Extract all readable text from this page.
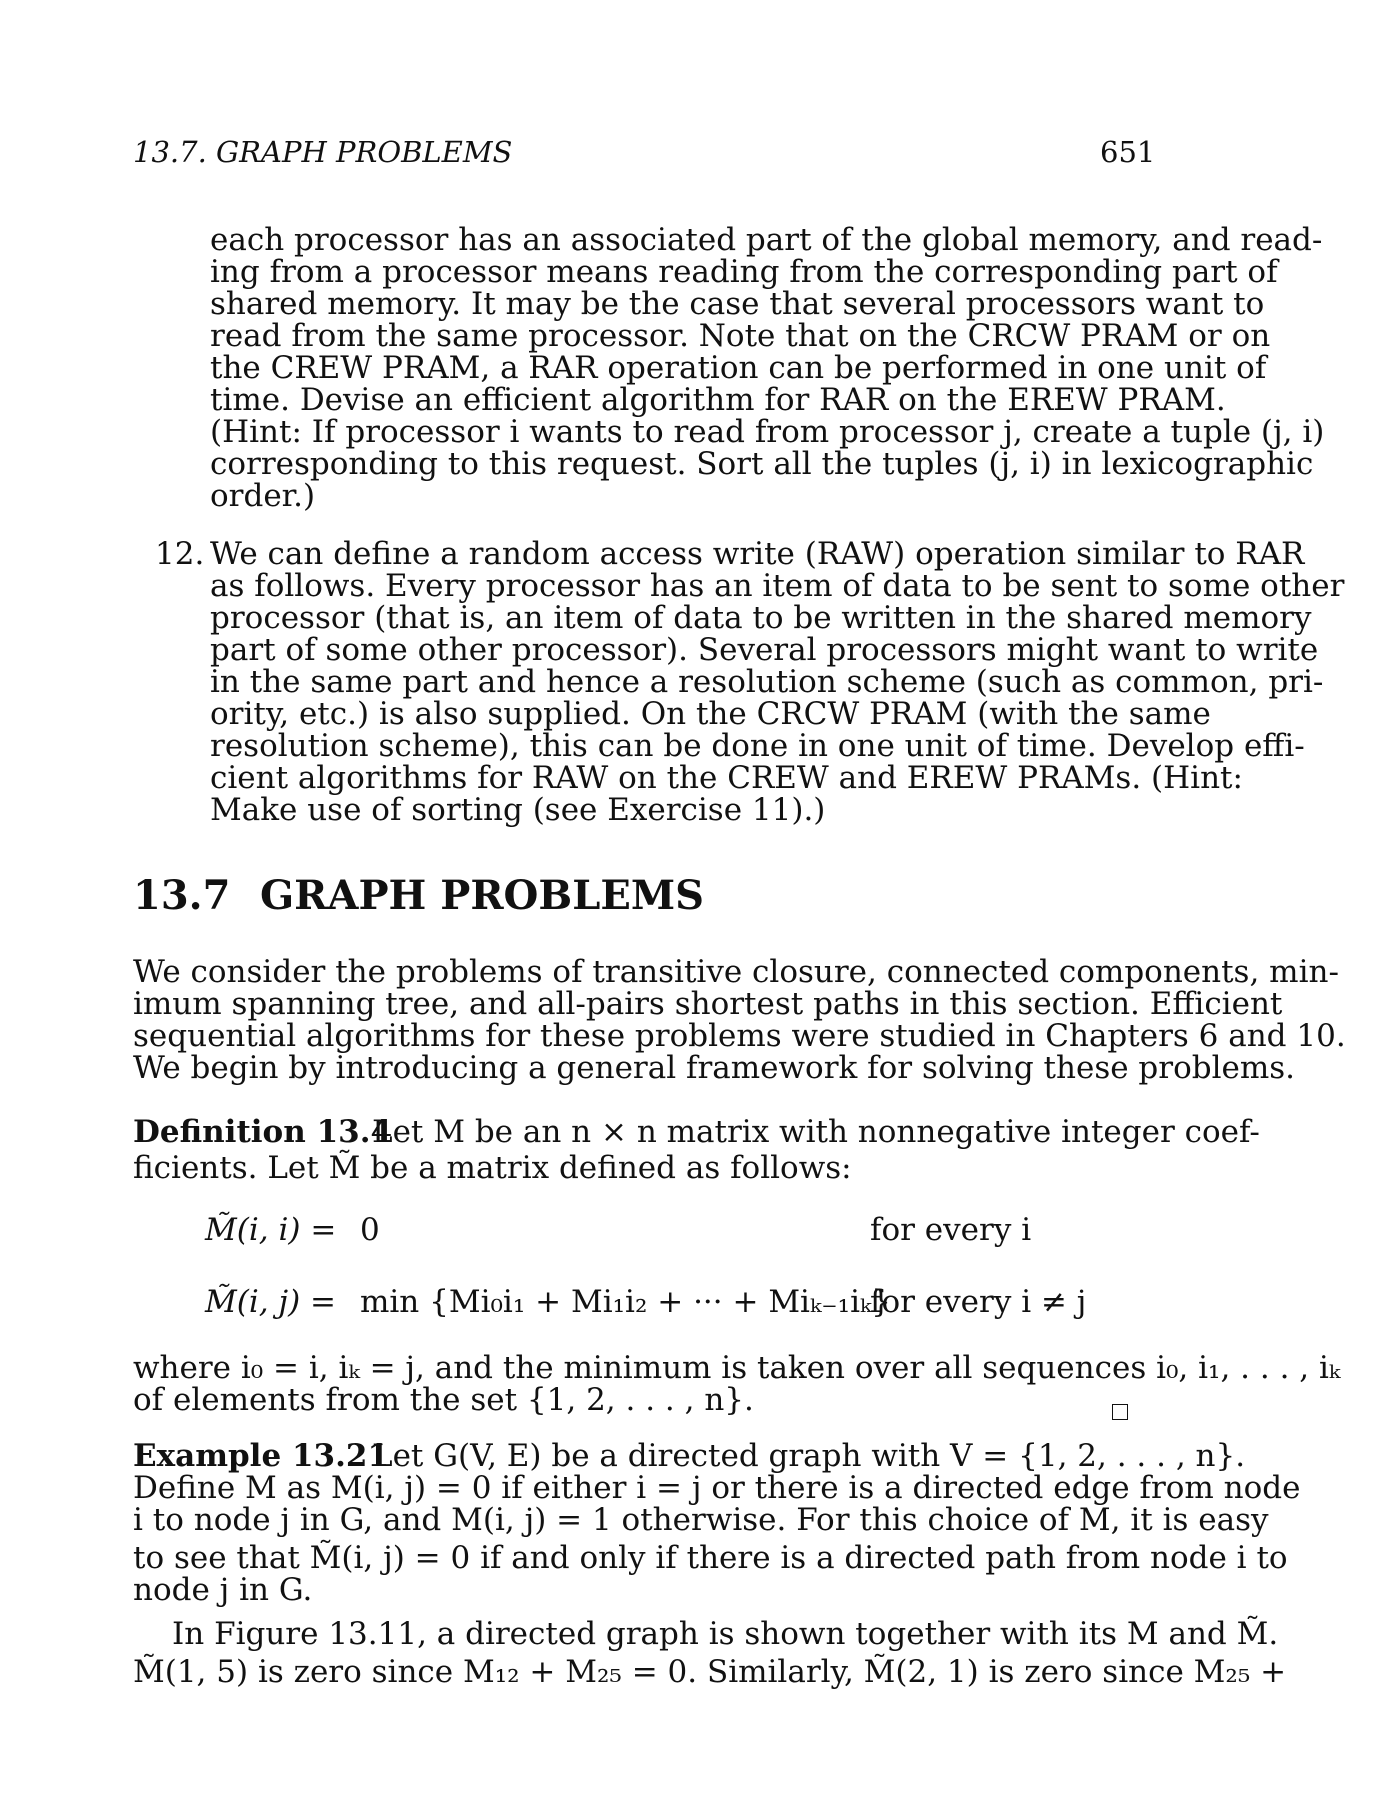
13.7. GRAPH PROBLEMS	651
each processor has an associated part of the global memory, and read-
ing from a processor means reading from the corresponding part of
shared memory. It may be the case that several processors want to
read from the same processor. Note that on the CRCW PRAM or on
the CREW PRAM, a RAR operation can be performed in one unit of
time. Devise an efficient algorithm for RAR on the EREW PRAM.
(Hint: If processor i wants to read from processor j, create a tuple (j, i)
corresponding to this request. Sort all the tuples (j, i) in lexicographic
order.)
12. We can define a random access write (RAW) operation similar to RAR
as follows. Every processor has an item of data to be sent to some other
processor (that is, an item of data to be written in the shared memory
part of some other processor). Several processors might want to write
in the same part and hence a resolution scheme (such as common, pri-
ority, etc.) is also supplied. On the CRCW PRAM (with the same
resolution scheme), this can be done in one unit of time. Develop effi-
cient algorithms for RAW on the CREW and EREW PRAMs. (Hint:
Make use of sorting (see Exercise 11).)
13.7 GRAPH PROBLEMS
We consider the problems of transitive closure, connected components, min-
imum spanning tree, and all-pairs shortest paths in this section. Efficient
sequential algorithms for these problems were studied in Chapters 6 and 10.
We begin by introducing a general framework for solving these problems.
Definition 13.4
Let M be an n × n matrix with nonnegative integer coef-
ficients. Let M̃ be a matrix defined as follows:
M̃(i, i) = 0	for every i
M̃(i, j) = min {Mi₀i₁ + Mi₁i₂ + ··· + Miₖ₋₁iₖ}
for every i ≠ j
where i₀ = i, iₖ = j, and the minimum is taken over all sequences i₀, i₁, . . . , iₖ
of elements from the set {1, 2, . . . , n}.
Example 13.21
Let G(V, E) be a directed graph with V = {1, 2, . . . , n}.
Define M as M(i, j) = 0 if either i = j or there is a directed edge from node
i to node j in G, and M(i, j) = 1 otherwise. For this choice of M, it is easy
to see that M̃(i, j) = 0 if and only if there is a directed path from node i to
node j in G.
In Figure 13.11, a directed graph is shown together with its M and M̃.
M̃(1, 5) is zero since M₁₂ + M₂₅ = 0. Similarly, M̃(2, 1) is zero since M₂₅ +
